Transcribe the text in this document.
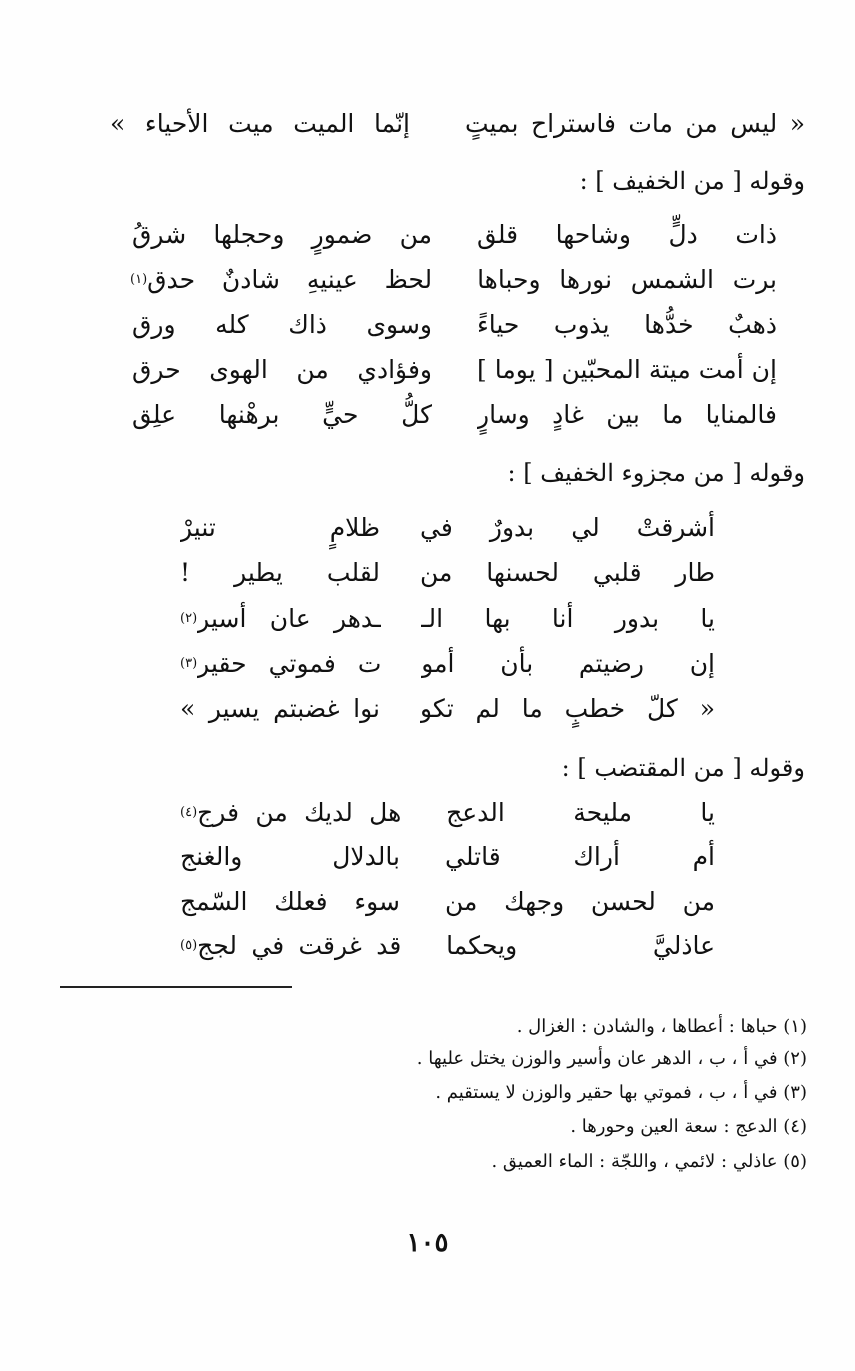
« ليس من مات فاستراح بميتٍ
إنّما الميت ميت الأحياء »
وقوله [ من الخفيف ] :
ذات دلٍّ وشاحها قلق
من ضمورٍ وحجلها شرقُ
برت الشمس نورها وحباها
لحظ عينيهِ شادنٌ حدق
(١)
ذهبٌ خدُّها يذوب حياءً
وسوى ذاك كله ورق
إن أمت ميتة المحبّين [ يوما ]
وفؤادي من الهوى حرق
فالمنايا ما بين غادٍ وسارٍ
كلُّ حيٍّ برهْنها علِق
وقوله [ من مجزوء الخفيف ] :
أشرقتْ لي بدورٌ في
ظلامٍ تنيرْ
طار قلبي لحسنها من
لقلب يطير !
يا بدور أنا بها الـ
ـدهر عان أسير
(٢)
إن رضيتم بأن أمو
ت فموتي حقير
(٣)
« كلّ خطبٍ ما لم تكو
نوا غضبتم يسير »
وقوله [ من المقتضب ] :
يا مليحة الدعج
هل لديك من فرج
(٤)
أم أراك قاتلي
بالدلال والغنج
من لحسن وجهك من
سوء فعلك السّمج
عاذليَّ ويحكما
قد غرقت في لجج
(٥)
(١) حباها : أعطاها ، والشادن : الغزال .
(٢) في أ ، ب ، الدهر عان وأسير والوزن يختل عليها .
(٣) في أ ، ب ، فموتي بها حقير والوزن لا يستقيم .
(٤) الدعج : سعة العين وحورها .
(٥) عاذلي : لائمي ، واللجّة : الماء العميق .
١٠٥
